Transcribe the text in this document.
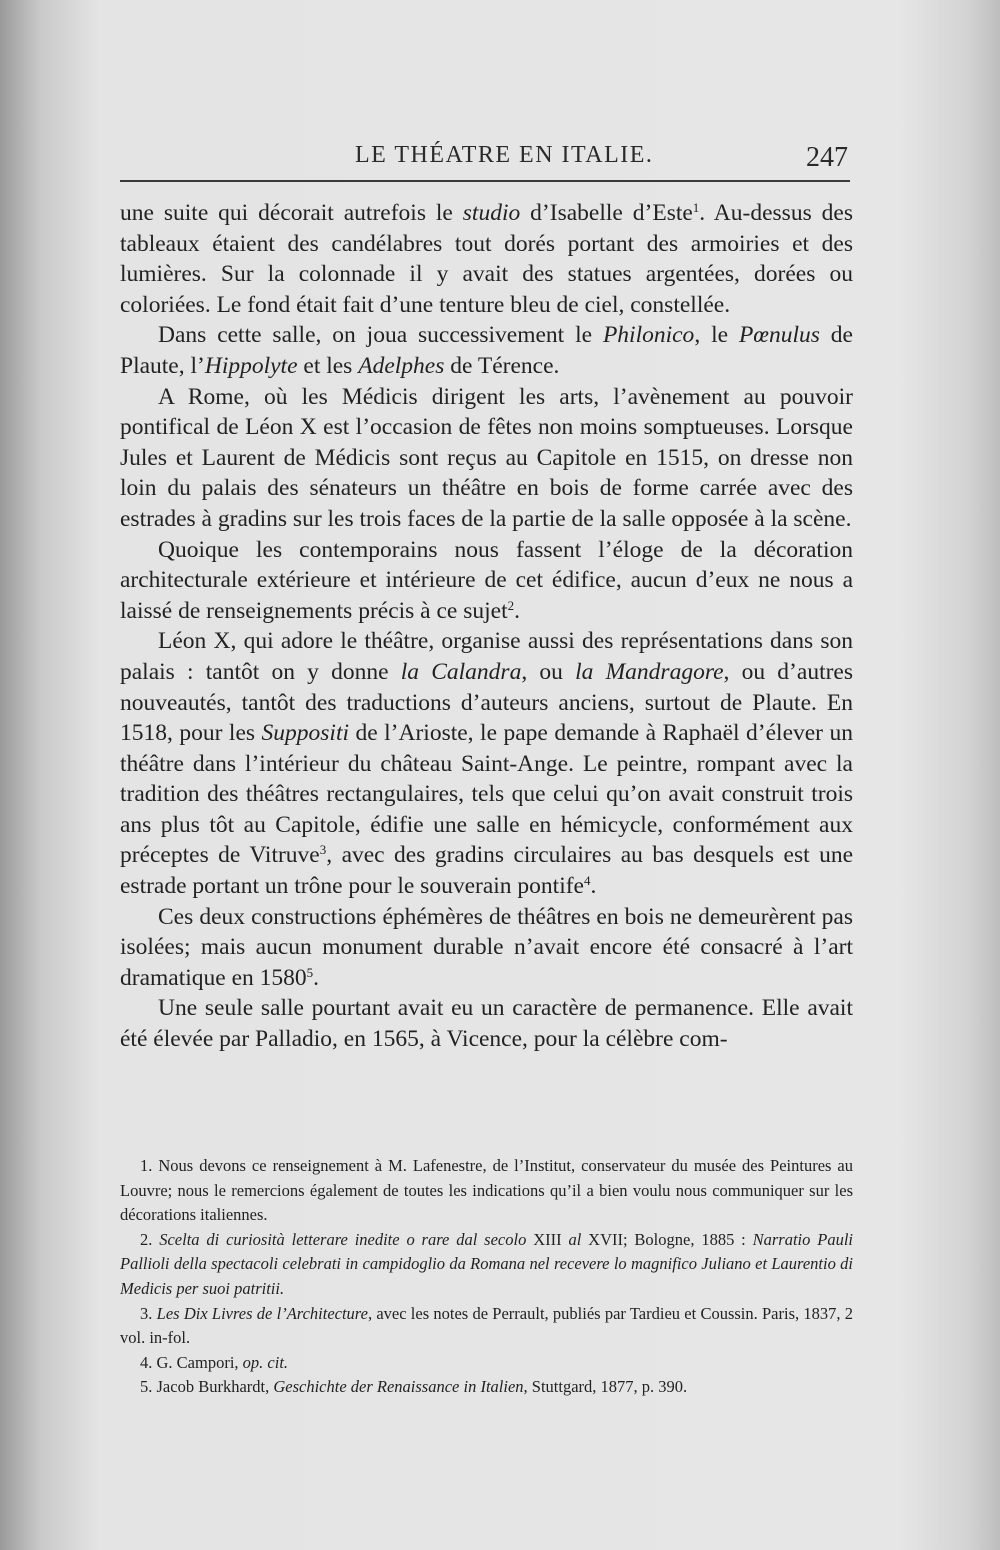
LE THÉATRE EN ITALIE.	247

une suite qui décorait autrefois le studio d’Isabelle d’Este$^1$. Au-dessus des tableaux étaient des candélabres tout dorés portant des armoiries et des lumières. Sur la colonnade il y avait des statues argentées, dorées ou coloriées. Le fond était fait d’une tenture bleu de ciel, constellée.

Dans cette salle, on joua successivement le Philonico, le Pœnulus de Plaute, l’Hippolyte et les Adelphes de Térence.

A Rome, où les Médicis dirigent les arts, l’avènement au pouvoir pontifical de Léon X est l’occasion de fêtes non moins somptueuses. Lorsque Jules et Laurent de Médicis sont reçus au Capitole en 1515, on dresse non loin du palais des sénateurs un théâtre en bois de forme carrée avec des estrades à gradins sur les trois faces de la partie de la salle opposée à la scène.

Quoique les contemporains nous fassent l’éloge de la décoration architecturale extérieure et intérieure de cet édifice, aucun d’eux ne nous a laissé de renseignements précis à ce sujet$^2$.

Léon X, qui adore le théâtre, organise aussi des représentations dans son palais : tantôt on y donne la Calandra, ou la Mandragore, ou d’autres nouveautés, tantôt des traductions d’auteurs anciens, surtout de Plaute. En 1518, pour les Suppositi de l’Arioste, le pape demande à Raphaël d’élever un théâtre dans l’intérieur du château Saint-Ange. Le peintre, rompant avec la tradition des théâtres rectangulaires, tels que celui qu’on avait construit trois ans plus tôt au Capitole, édifie une salle en hémicycle, conformément aux préceptes de Vitruve$^3$, avec des gradins circulaires au bas desquels est une estrade portant un trône pour le souverain pontife$^4$.

Ces deux constructions éphémères de théâtres en bois ne demeurèrent pas isolées; mais aucun monument durable n’avait encore été consacré à l’art dramatique en 1580$^5$.

Une seule salle pourtant avait eu un caractère de permanence. Elle avait été élevée par Palladio, en 1565, à Vicence, pour la célèbre com-

1. Nous devons ce renseignement à M. Lafenestre, de l’Institut, conservateur du musée des Peintures au Louvre; nous le remercions également de toutes les indications qu’il a bien voulu nous communiquer sur les décorations italiennes.

2. Scelta di curiosità letterare inedite o rare dal secolo XIII al XVII; Bologne, 1885 : Narratio Pauli Pallioli della spectacoli celebrati in campidoglio da Romana nel recevere lo magnifico Juliano et Laurentio di Medicis per suoi patritii.

3. Les Dix Livres de l’Architecture, avec les notes de Perrault, publiés par Tardieu et Coussin. Paris, 1837, 2 vol. in-fol.

4. G. Campori, op. cit.

5. Jacob Burkhardt, Geschichte der Renaissance in Italien, Stuttgard, 1877, p. 390.
